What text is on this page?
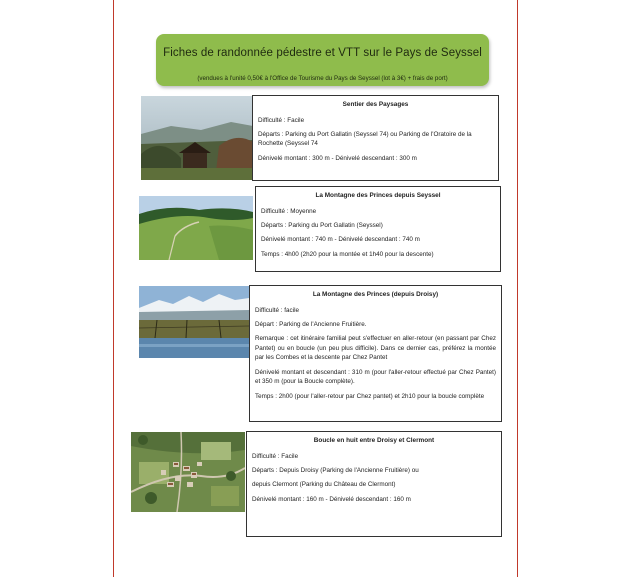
Fiches de randonnée pédestre et VTT sur le Pays de Seyssel
(vendues à l'unité 0,50€ à l'Office de Tourisme du Pays de Seyssel (lot à 3€) + frais de port)
Sentier des Paysages

Difficulté : Facile

Départs : Parking du Port Gallatin (Seyssel 74) ou Parking de l'Oratoire de la Rochette (Seyssel 74

Dénivelé montant : 300 m - Dénivelé descendant : 300 m

La Montagne des Princes depuis Seyssel

Difficulté : Moyenne

Départs : Parking du Port Gallatin (Seyssel)

Dénivelé montant : 740 m - Dénivelé descendant : 740 m

Temps : 4h00 (2h20 pour la montée et 1h40 pour la descente)

La Montagne des Princes (depuis Droisy)

Difficulté : facile

Départ : Parking de l'Ancienne Fruitière.

Remarque : cet itinéraire familial peut s'effectuer en aller-retour (en passant par Chez Pantet) ou en boucle (un peu plus difficile). Dans ce dernier cas, préférez la montée par les Combes et la descente par Chez Pantet

Dénivelé montant et descendant : 310 m (pour l'aller-retour effectué par Chez Pantet) et 350 m (pour la Boucle complète).

Temps : 2h00 (pour l'aller-retour par Chez pantet) et 2h10 pour la boucle complète

Boucle en huit entre Droisy et Clermont

Difficulté : Facile

Départs : Depuis Droisy (Parking de l'Ancienne Fruitière) ou

depuis Clermont (Parking du Château de Clermont)

Dénivelé montant : 160 m - Dénivelé descendant : 160 m
